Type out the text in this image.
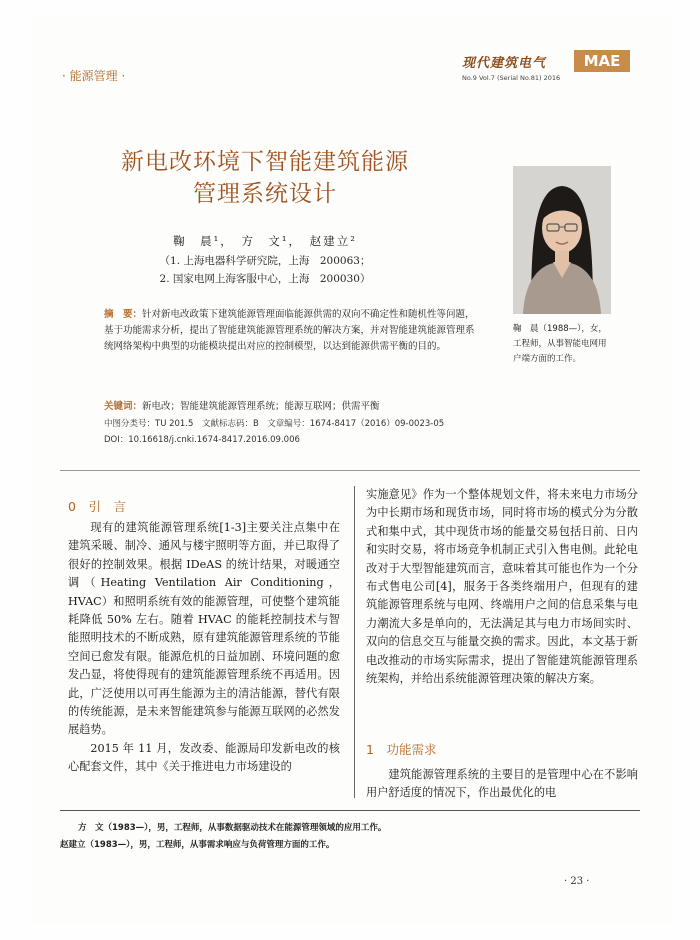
· 能源管理 ·
现代建筑电气	MAE
No.9 Vol.7 (Serial No.81) 2016
新电改环境下智能建筑能源
管理系统设计
鞠　晨¹，　方　文¹，　赵建立²
（1. 上海电器科学研究院，上海　200063；
2. 国家电网上海客服中心，上海　200030）
鞠　晨（1988—），女，工程师，从事智能电网用户端方面的工作。
摘　要：针对新电改政策下建筑能源管理面临能源供需的双向不确定性和随机性等问题，基于功能需求分析，提出了智能建筑能源管理系统的解决方案，并对智能建筑能源管理系统网络架构中典型的功能模块提出对应的控制模型，以达到能源供需平衡的目的。
关键词：新电改；智能建筑能源管理系统；能源互联网；供需平衡
中图分类号：TU 201.5　文献标志码：B　文章编号：1674-8417（2016）09-0023-05
DOI：10.16618/j.cnki.1674-8417.2016.09.006
0　引　言

现有的建筑能源管理系统[1-3]主要关注点集中在建筑采暖、制冷、通风与楼宇照明等方面，并已取得了很好的控制效果。根据 IDeAS 的统计结果，对暖通空调（Heating Ventilation Air Conditioning，HVAC）和照明系统有效的能源管理，可使整个建筑能耗降低 50% 左右。随着 HVAC 的能耗控制技术与智能照明技术的不断成熟，原有建筑能源管理系统的节能空间已愈发有限。能源危机的日益加剧、环境问题的愈发凸显，将使得现有的建筑能源管理系统不再适用。因此，广泛使用以可再生能源为主的清洁能源，替代有限的传统能源，是未来智能建筑参与能源互联网的必然发展趋势。

2015 年 11 月，发改委、能源局印发新电改的核心配套文件，其中《关于推进电力市场建设的

实施意见》作为一个整体规划文件，将未来电力市场分为中长期市场和现货市场，同时将市场的模式分为分散式和集中式，其中现货市场的能量交易包括日前、日内和实时交易，将市场竞争机制正式引入售电侧。此轮电改对于大型智能建筑而言，意味着其可能也作为一个分布式售电公司[4]，服务于各类终端用户，但现有的建筑能源管理系统与电网、终端用户之间的信息采集与电力潮流大多是单向的，无法满足其与电力市场间实时、双向的信息交互与能量交换的需求。因此，本文基于新电改推动的市场实际需求，提出了智能建筑能源管理系统架构，并给出系统能源管理决策的解决方案。

1　功能需求

建筑能源管理系统的主要目的是管理中心在不影响用户舒适度的情况下，作出最优化的电

方　文（1983—），男，工程师，从事数据驱动技术在能源管理领域的应用工作。
赵建立（1983—），男，工程师，从事需求响应与负荷管理方面的工作。
· 23 ·
